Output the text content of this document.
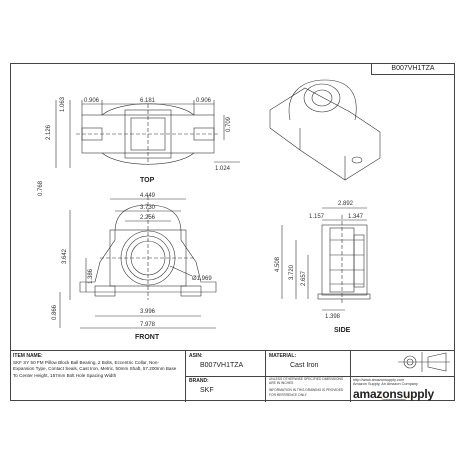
B007VH1TZA
0.906	6.181	0.906
1.063
2.126
0.709
1.024
0.768	4.449
3.730
2.256
3.642
1.386	Ø1.969
3.996
7.978
0.866
2.892
1.157	1.347
4.508
3.720 2.657
1.398
TOP
FRONT
SIDE
ITEM NAME:
SKF SY 50 FM Pillow Block Ball Bearing, 2 Bolts, Eccentric Collar, Non-Expansion Type, Contact Seals, Cast Iron, Metric, 50mm Shaft, 57.200mm Base To Center Height, 157mm Bolt Hole Spacing Width
ASIN:
B007VH1TZA
BRAND:
SKF
MATERIAL:
Cast Iron
UNLESS OTHERWISE SPECIFIED DIMENSIONS ARE IN INCHES
INFORMATION IN THIS DRAWING IS PROVIDED FOR REFERENCE ONLY
http://www.amazonsupply.com
Amazon Supply, An Amazon Company
amazonsupply
